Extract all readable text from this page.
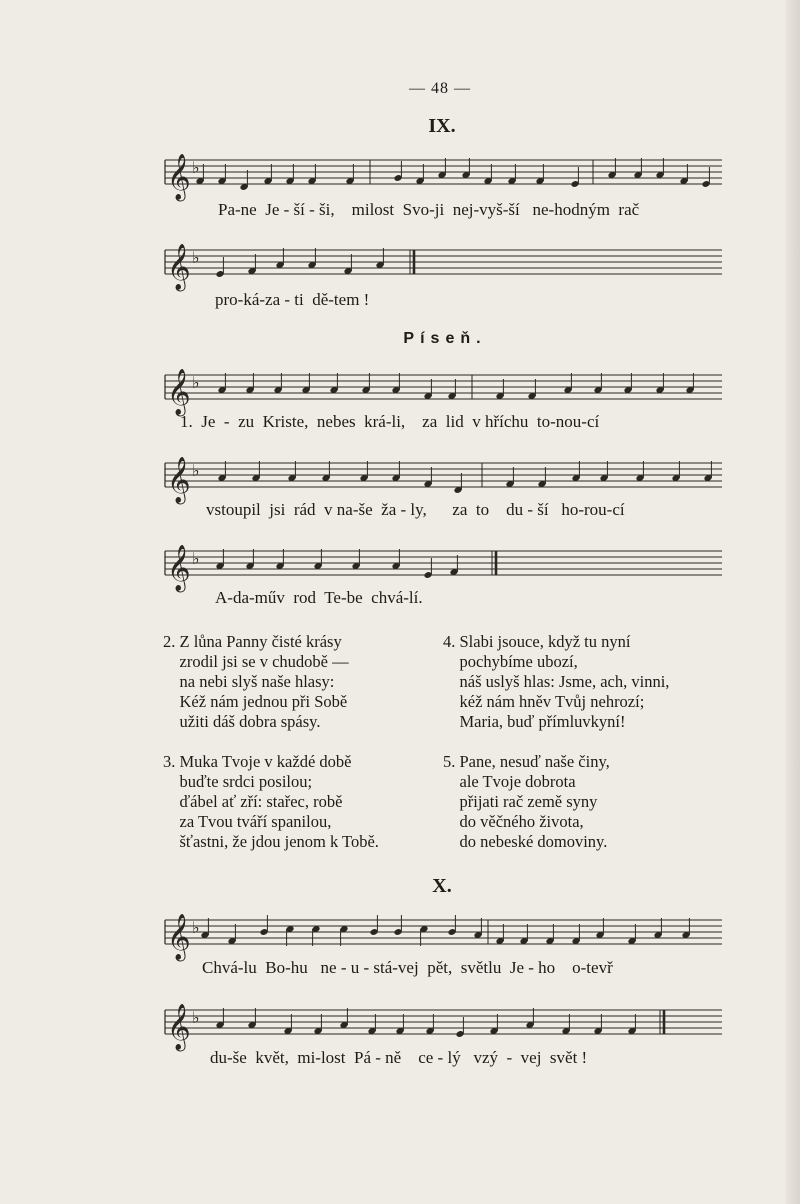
— 48 —
IX.
𝄞 ♭
Pa-ne  Je - ší - ši,    milost  Svo-ji  nej-vyš-ší   ne-hodným  rač
𝄞 ♭
pro-ká-za - ti  dě-tem !
Píseň.
𝄞 ♭
1.  Je  -  zu  Kriste,  nebes  krá-li,    za  lid  v hříchu  to-nou-cí
𝄞 ♭
vstoupil  jsi  rád  v na-še  ža - ly,      za  to    du - ší   ho-rou-cí
𝄞 ♭
A-da-műv  rod  Te-be  chvá-lí.
2. Z lůna Panny čisté krásy
zrodil jsi se v chudobě —
na nebi slyš naše hlasy:
Kéž nám jednou při Sobě
užiti dáš dobra spásy.
4. Slabi jsouce, když tu nyní
pochybíme ubozí,
náš uslyš hlas: Jsme, ach, vinni,
kéž nám hněv Tvůj nehrozí;
Maria, buď přímluvkyní!
3. Muka Tvoje v každé době
buďte srdci posilou;
ďábel ať zří: stařec, robě
za Tvou tváří spanilou,
šťastni, že jdou jenom k Tobě.
5. Pane, nesuď naše činy,
ale Tvoje dobrota
přijati rač země syny
do věčného života,
do nebeské domoviny.
X.
𝄞 ♭
Chvá-lu  Bo-hu   ne - u - stá-vej  pět,  světlu  Je - ho    o-tevř
𝄞 ♭
du-še  květ,  mi-lost  Pá - ně    ce - lý   vzý  -  vej  svět !
